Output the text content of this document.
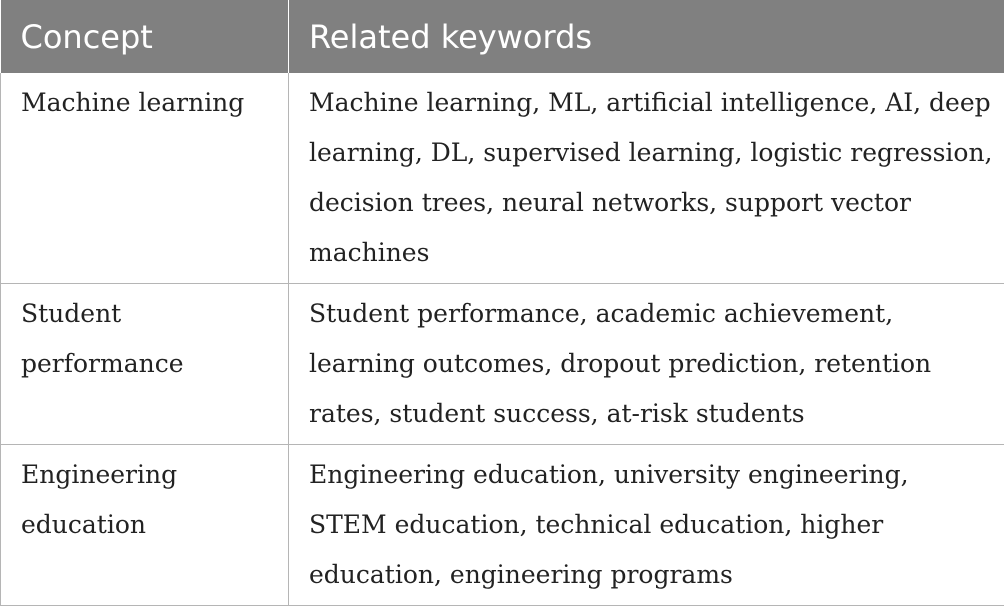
Concept	Related keywords
Machine learning	Machine learning, ML, artificial intelligence, AI, deep learning, DL, supervised learning, logistic regression, decision trees, neural networks, support vector machines
Student performance	Student performance, academic achievement, learning outcomes, dropout prediction, retention rates, student success, at-risk students
Engineering education	Engineering education, university engineering, STEM education, technical education, higher education, engineering programs
